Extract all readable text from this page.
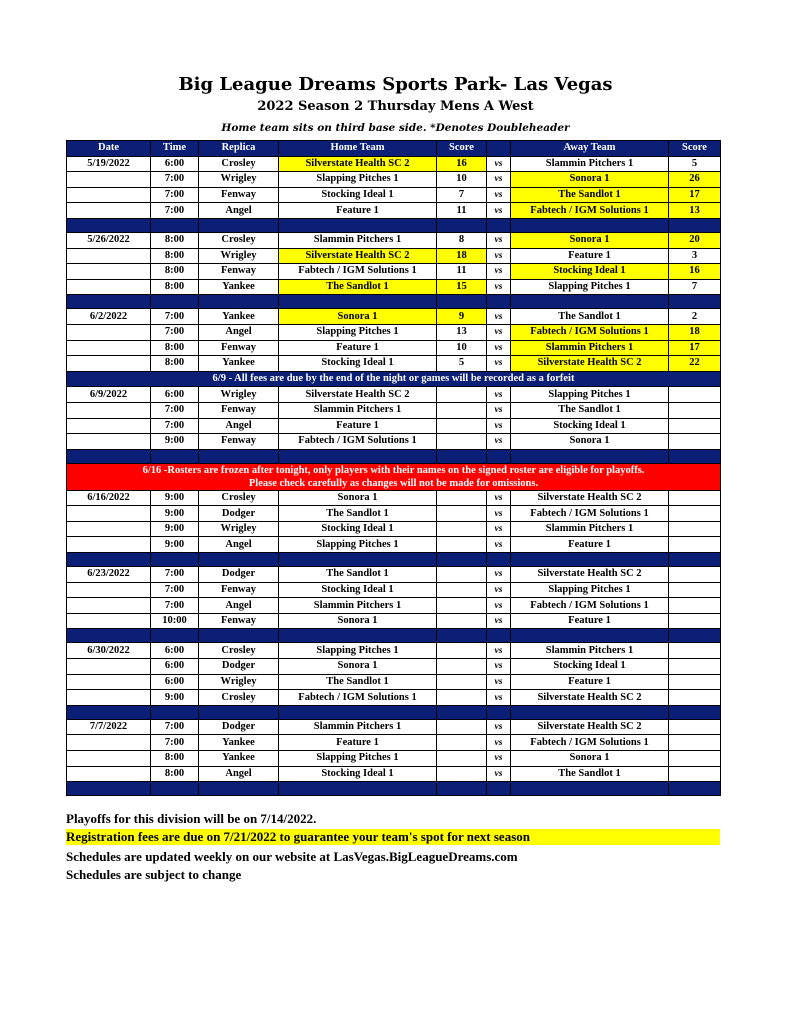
Big League Dreams Sports Park- Las Vegas
2022 Season 2 Thursday Mens A West
Home team sits on third base side. *Denotes Doubleheader
Date	Time	Replica	Home Team	Score		Away Team	Score
5/19/2022	6:00	Crosley	Silverstate Health SC 2	16	vs	Slammin Pitchers 1	5
	7:00	Wrigley	Slapping Pitches 1	10	vs	Sonora 1	26
	7:00	Fenway	Stocking Ideal 1	7	vs	The Sandlot 1	17
	7:00	Angel	Feature 1	11	vs	Fabtech / IGM Solutions 1	13

5/26/2022	8:00	Crosley	Slammin Pitchers 1	8	vs	Sonora 1	20
	8:00	Wrigley	Silverstate Health SC 2	18	vs	Feature 1	3
	8:00	Fenway	Fabtech / IGM Solutions 1	11	vs	Stocking Ideal 1	16
	8:00	Yankee	The Sandlot 1	15	vs	Slapping Pitches 1	7

6/2/2022	7:00	Yankee	Sonora 1	9	vs	The Sandlot 1	2
	7:00	Angel	Slapping Pitches 1	13	vs	Fabtech / IGM Solutions 1	18
	8:00	Fenway	Feature 1	10	vs	Slammin Pitchers 1	17
	8:00	Yankee	Stocking Ideal 1	5	vs	Silverstate Health SC 2	22
6/9 - All fees are due by the end of the night or games will be recorded as a forfeit							
6/9/2022	6:00	Wrigley	Silverstate Health SC 2		vs	Slapping Pitches 1	
	7:00	Fenway	Slammin Pitchers 1		vs	The Sandlot 1	
	7:00	Angel	Feature 1		vs	Stocking Ideal 1	
	9:00	Fenway	Fabtech / IGM Solutions 1		vs	Sonora 1	

6/16 -Rosters are frozen after tonight, only players with their names on the signed roster are eligible for playoffs.
Please check carefully as changes will not be made for omissions.							

6/16/2022	9:00	Crosley	Sonora 1		vs	Silverstate Health SC 2	
	9:00	Dodger	The Sandlot 1		vs	Fabtech / IGM Solutions 1	
	9:00	Wrigley	Stocking Ideal 1		vs	Slammin Pitchers 1	
	9:00	Angel	Slapping Pitches 1		vs	Feature 1	

6/23/2022	7:00	Dodger	The Sandlot 1		vs	Silverstate Health SC 2	
	7:00	Fenway	Stocking Ideal 1		vs	Slapping Pitches 1	
	7:00	Angel	Slammin Pitchers 1		vs	Fabtech / IGM Solutions 1	
	10:00	Fenway	Sonora 1		vs	Feature 1	

6/30/2022	6:00	Crosley	Slapping Pitches 1		vs	Slammin Pitchers 1	
	6:00	Dodger	Sonora 1		vs	Stocking Ideal 1	
	6:00	Wrigley	The Sandlot 1		vs	Feature 1	
	9:00	Crosley	Fabtech / IGM Solutions 1		vs	Silverstate Health SC 2	

7/7/2022	7:00	Dodger	Slammin Pitchers 1		vs	Silverstate Health SC 2	
	7:00	Yankee	Feature 1		vs	Fabtech / IGM Solutions 1	
	8:00	Yankee	Slapping Pitches 1		vs	Sonora 1	
	8:00	Angel	Stocking Ideal 1		vs	The Sandlot 1	

Playoffs for this division will be on 7/14/2022.
Registration fees are due on 7/21/2022 to guarantee your team's spot for next season
Schedules are updated weekly on our website at LasVegas.BigLeagueDreams.com
Schedules are subject to change
